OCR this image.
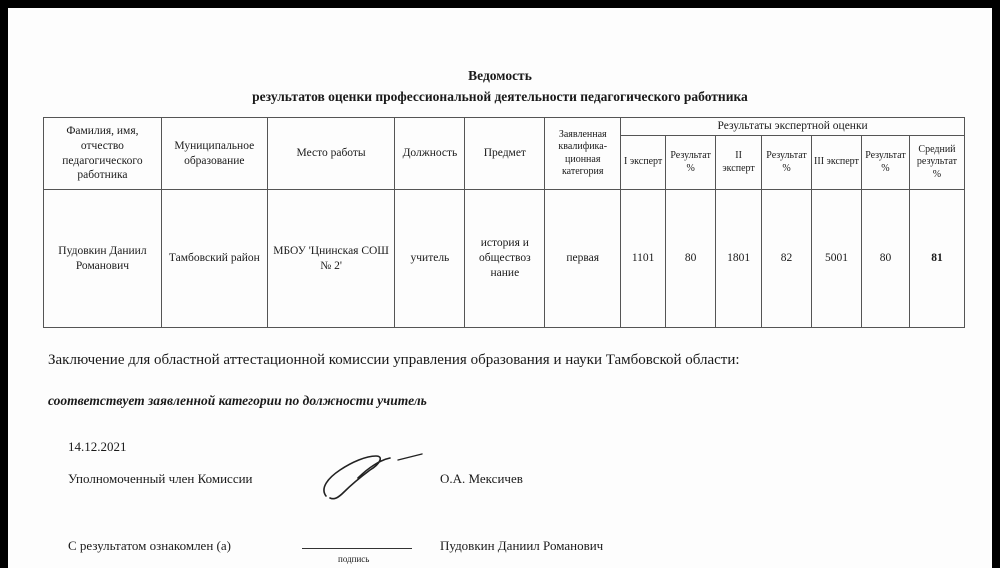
Ведомость
результатов оценки профессиональной деятельности педагогического работника
Фамилия, имя, отчество педагогического работника	Муниципальное образование	Место работы	Должность	Предмет	Заявленная квалифика-ционная категория	Результаты экспертной оценки						
						I эксперт	Результат %	II эксперт	Результат %	III эксперт	Результат %	Средний результат %
Пудовкин Даниил Романович	Тамбовский район	МБОУ 'Цнинская СОШ № 2'	учитель	история и обществоз нание	первая	1101	80	1801	82	5001	80	81
Заключение для областной аттестационной комиссии управления образования и науки Тамбовской области:
соответствует заявленной категории по должности учитель
14.12.2021
Уполномоченный член Комиссии	О.А. Мексичев
С результатом ознакомлен (а)
подпись
Пудовкин Даниил Романович
